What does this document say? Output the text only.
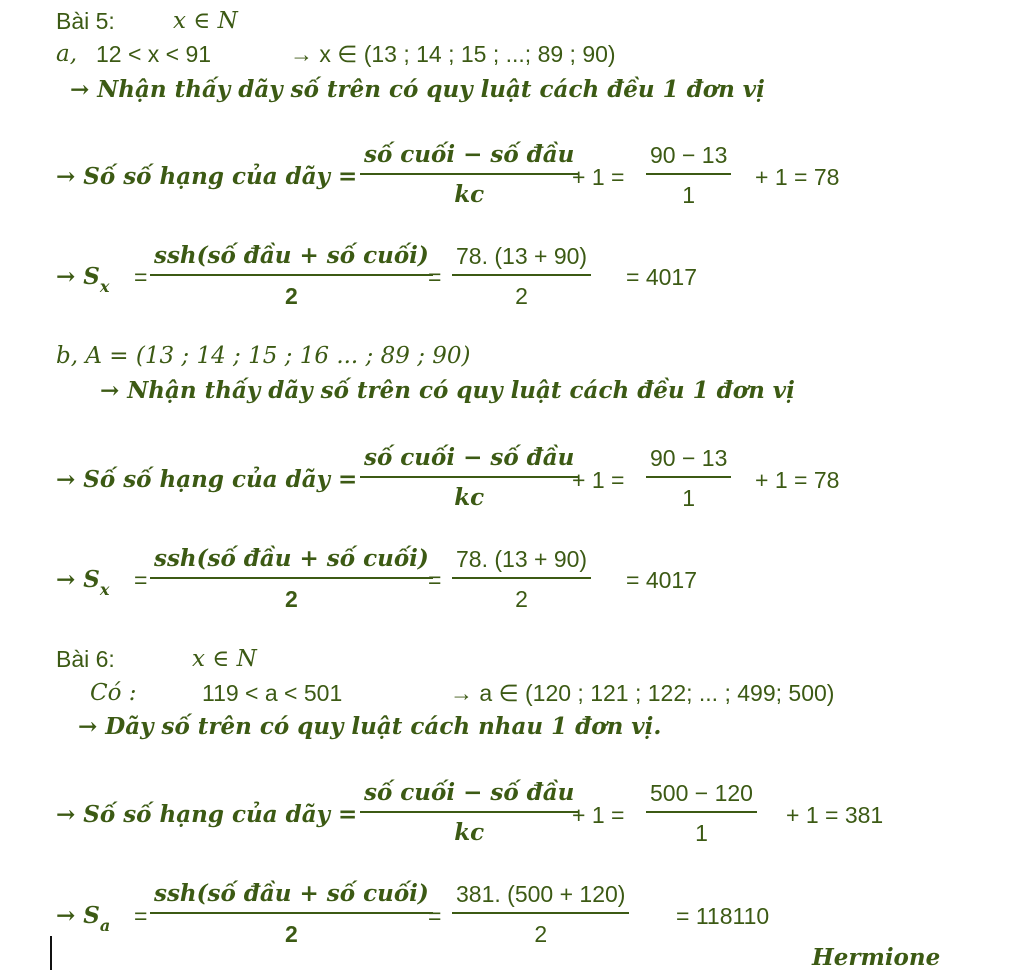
Bài 5:	x ∈ N
a, 12 < x < 91	→ x ∈ (13 ; 14 ; 15 ; ...; 89 ; 90)
→ Nhận thấy dãy số trên có quy luật cách đều 1 đơn vị
→ Số số hạng của dãy =
số cuối − số đầu
kc
+ 1 =
90 − 13
1
+ 1 = 78
→ $S_x$ =
ssh(số đầu + số cuối)
2
=
78. (13 + 90)
2
= 4017
b, A = (13 ; 14 ; 15 ; 16 ... ; 89 ; 90)
→ Nhận thấy dãy số trên có quy luật cách đều 1 đơn vị
→ Số số hạng của dãy =
số cuối − số đầu
kc
+ 1 =
90 − 13
1
+ 1 = 78
→ $S_x$ =
ssh(số đầu + số cuối)
2
=
78. (13 + 90)
2
= 4017
Bài 6:	x ∈ N
Có :	119 < a < 501	→ a ∈ (120 ; 121 ; 122; ... ; 499; 500)
→ Dãy số trên có quy luật cách nhau 1 đơn vị.
→ Số số hạng của dãy =
số cuối − số đầu
kc
+ 1 =
500 − 120
1
+ 1 = 381
→ $S_a$ =
ssh(số đầu + số cuối)
2
=
381. (500 + 120)
2
= 118110
Hermione
